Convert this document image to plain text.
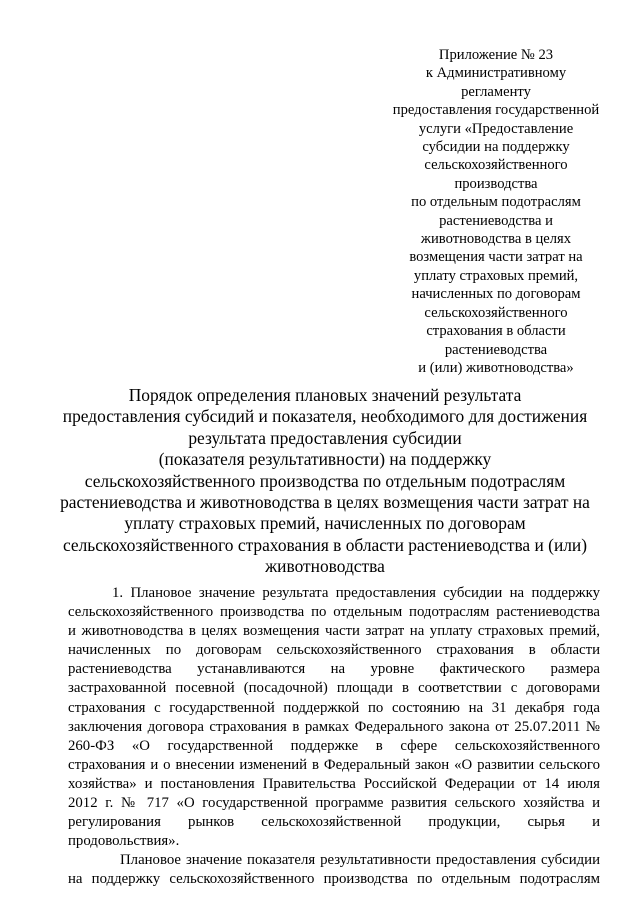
Приложение № 23
к Административному
регламенту
предоставления государственной
услуги «Предоставление
субсидии на поддержку
сельскохозяйственного
производства
по отдельным подотраслям
растениеводства и
животноводства в целях
возмещения части затрат на
уплату страховых премий,
начисленных по договорам
сельскохозяйственного
страхования в области
растениеводства
и (или) животноводства»
Порядок определения плановых значений результата
предоставления субсидий и показателя, необходимого для достижения
результата предоставления субсидии
(показателя результативности) на поддержку
сельскохозяйственного производства по отдельным подотраслям
растениеводства и животноводства в целях возмещения части затрат на
уплату страховых премий, начисленных по договорам
сельскохозяйственного страхования в области растениеводства и (или)
животноводства
1. Плановое значение результата предоставления субсидии на поддержку
сельскохозяйственного производства по отдельным подотраслям растениеводства
и животноводства в целях возмещения части затрат на уплату страховых премий,
начисленных по договорам сельскохозяйственного страхования в области
растениеводства устанавливаются на уровне фактического размера
застрахованной посевной (посадочной) площади в соответствии с договорами
страхования с государственной поддержкой по состоянию на 31 декабря года
заключения договора страхования в рамках Федерального закона от 25.07.2011 №
260-ФЗ «О государственной поддержке в сфере сельскохозяйственного
страхования и о внесении изменений в Федеральный закон «О развитии сельского
хозяйства» и постановления Правительства Российской Федерации от 14 июля
2012 г. № 717 «О государственной программе развития сельского хозяйства и
регулирования рынков сельскохозяйственной продукции, сырья и
продовольствия».
Плановое значение показателя результативности предоставления субсидии
на поддержку сельскохозяйственного производства по отдельным подотраслям
